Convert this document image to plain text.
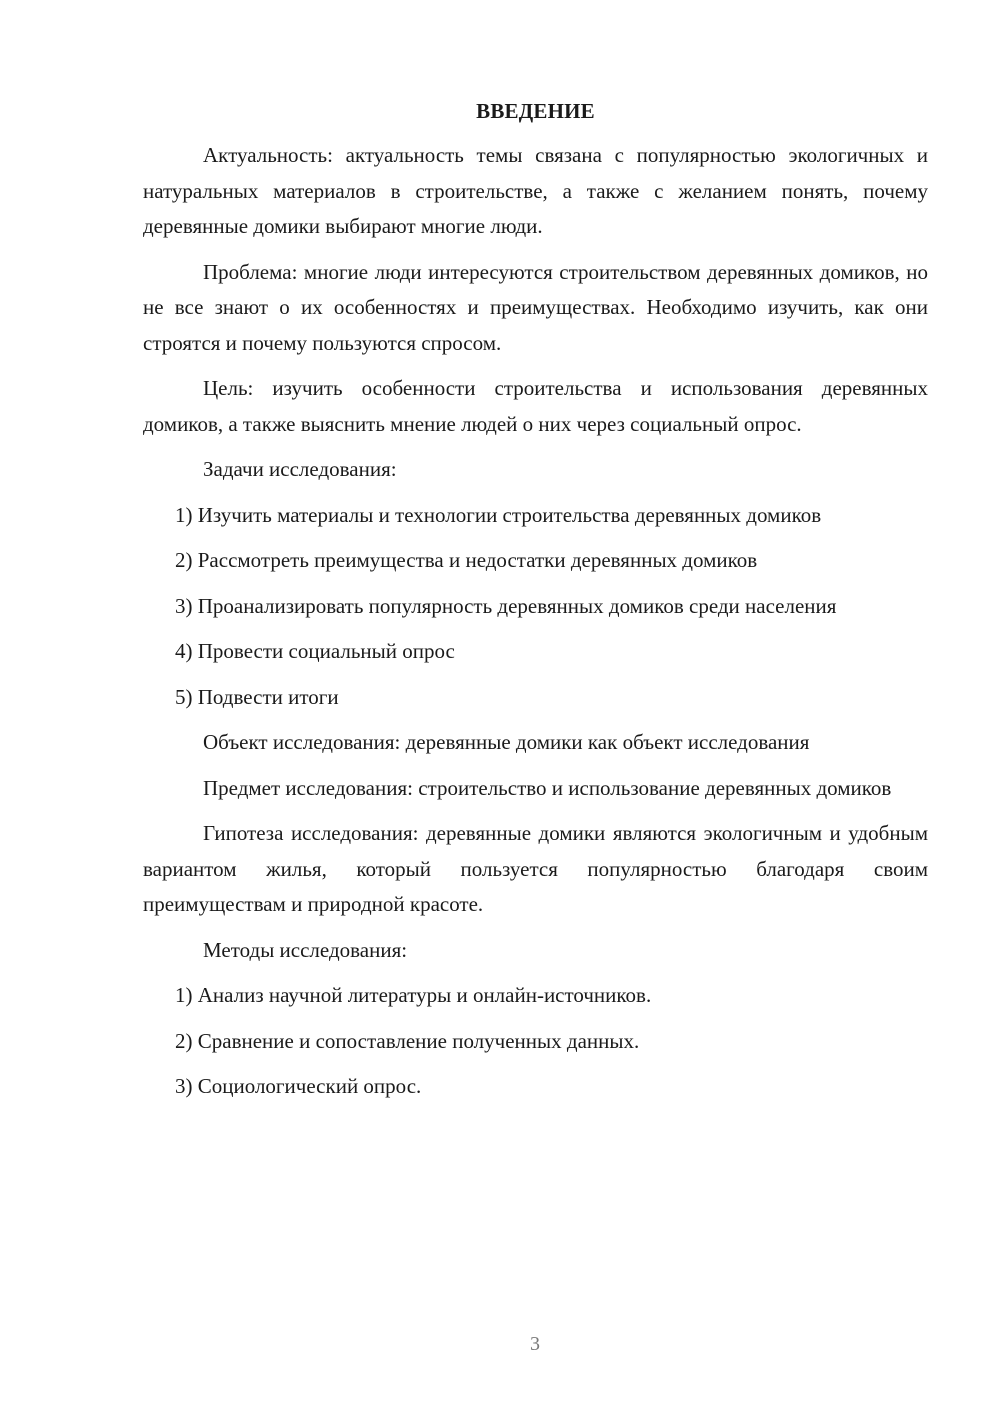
ВВЕДЕНИЕ

Актуальность: актуальность темы связана с популярностью экологичных и натуральных материалов в строительстве, а также с желанием понять, почему деревянные домики выбирают многие люди.

Проблема: многие люди интересуются строительством деревянных домиков, но не все знают о их особенностях и преимуществах. Необходимо изучить, как они строятся и почему пользуются спросом.

Цель: изучить особенности строительства и использования деревянных домиков, а также выяснить мнение людей о них через социальный опрос.

Задачи исследования:

1) Изучить материалы и технологии строительства деревянных домиков

2) Рассмотреть преимущества и недостатки деревянных домиков

3) Проанализировать популярность деревянных домиков среди населения

4) Провести социальный опрос

5) Подвести итоги

Объект исследования: деревянные домики как объект исследования

Предмет исследования: строительство и использование деревянных домиков

Гипотеза исследования: деревянные домики являются экологичным и удобным вариантом жилья, который пользуется популярностью благодаря своим преимуществам и природной красоте.

Методы исследования:

1) Анализ научной литературы и онлайн-источников.

2) Сравнение и сопоставление полученных данных.

3) Социологический опрос.

3
